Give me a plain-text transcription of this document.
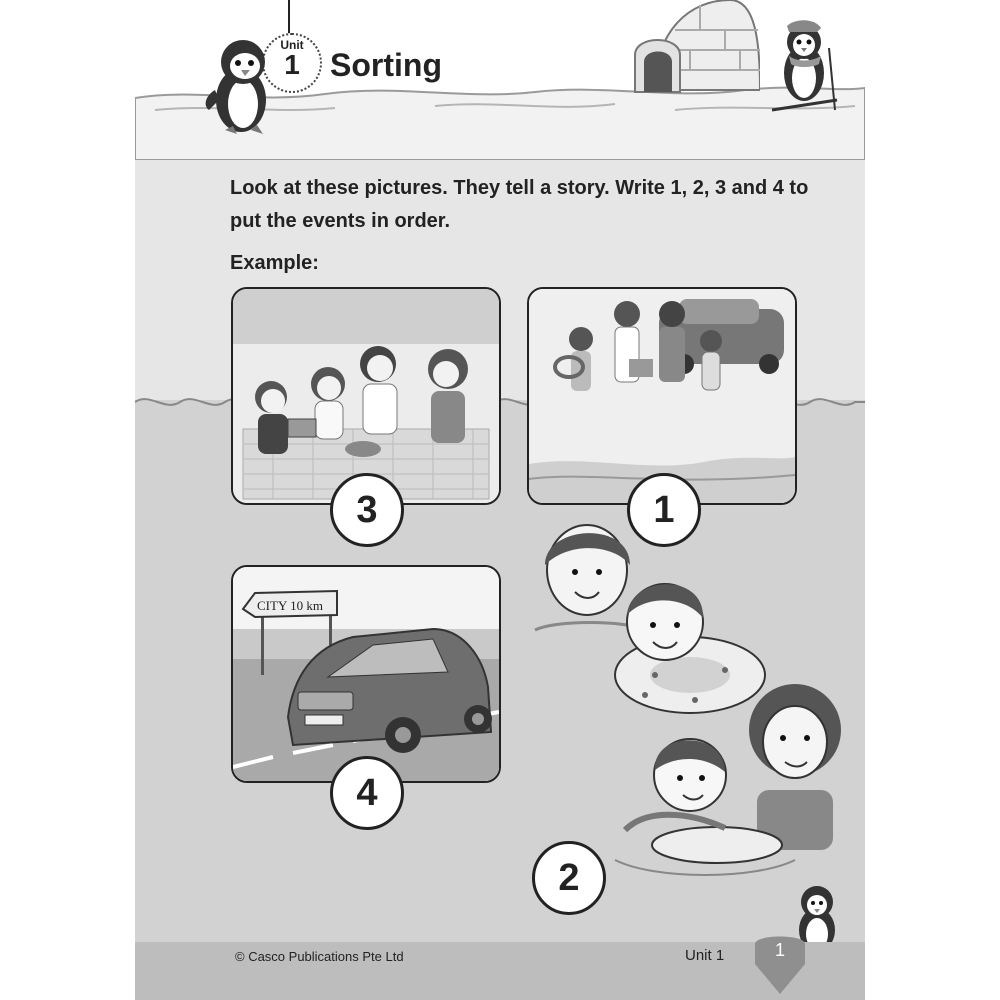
Unit
1 Sorting
Look at these pictures. They tell a story. Write 1, 2, 3 and 4 to put the events in order.
Example:
3	1
CITY 10 km
4
2
© Casco Publications Pte Ltd	Unit 1	1
